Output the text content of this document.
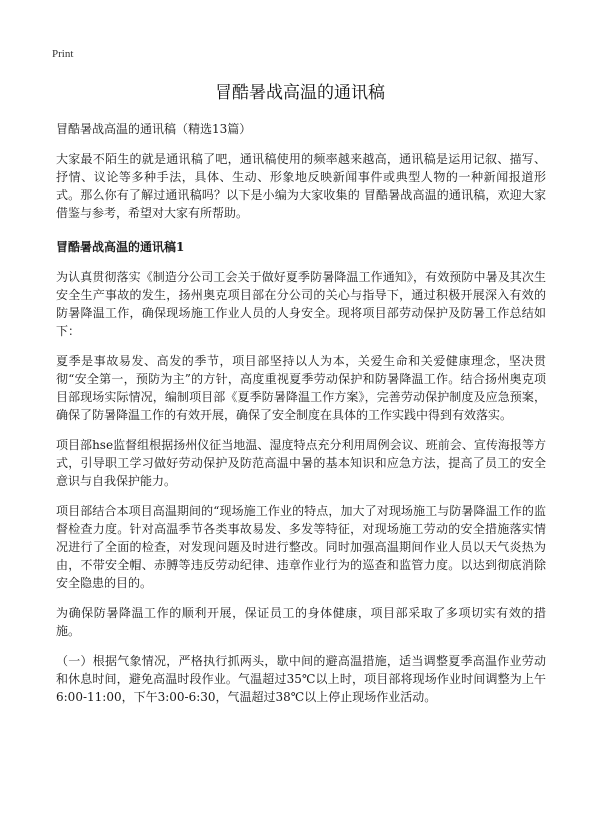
Print
冒酷暑战高温的通讯稿

冒酷暑战高温的通讯稿（精选13篇）

大家最不陌生的就是通讯稿了吧，通讯稿使用的频率越来越高，通讯稿是运用记叙、描写、抒情、议论等多种手法，具体、生动、形象地反映新闻事件或典型人物的一种新闻报道形式。那么你有了解过通讯稿吗？以下是小编为大家收集的 冒酷暑战高温的通讯稿，欢迎大家借鉴与参考，希望对大家有所帮助。

冒酷暑战高温的通讯稿1

为认真贯彻落实《制造分公司工会关于做好夏季防暑降温工作通知》，有效预防中暑及其次生安全生产事故的发生，扬州奥克项目部在分公司的关心与指导下，通过积极开展深入有效的防暑降温工作，确保现场施工作业人员的人身安全。现将项目部劳动保护及防暑工作总结如下：

夏季是事故易发、高发的季节，项目部坚持以人为本，关爱生命和关爱健康理念，坚决贯彻“安全第一，预防为主”的方针，高度重视夏季劳动保护和防暑降温工作。结合扬州奥克项目部现场实际情况，编制项目部《夏季防暑降温工作方案》，完善劳动保护制度及应急预案，确保了防暑降温工作的有效开展，确保了安全制度在具体的工作实践中得到有效落实。

项目部hse监督组根据扬州仪征当地温、湿度特点充分利用周例会议、班前会、宣传海报等方式，引导职工学习做好劳动保护及防范高温中暑的基本知识和应急方法，提高了员工的安全意识与自我保护能力。

项目部结合本项目高温期间的“现场施工作业的特点，加大了对现场施工与防暑降温工作的监督检查力度。针对高温季节各类事故易发、多发等特征，对现场施工劳动的安全措施落实情况进行了全面的检查，对发现问题及时进行整改。同时加强高温期间作业人员以天气炎热为由，不带安全帽、赤膊等违反劳动纪律、违章作业行为的巡查和监管力度。以达到彻底消除安全隐患的目的。

为确保防暑降温工作的顺利开展，保证员工的身体健康，项目部采取了多项切实有效的措施。

（一）根据气象情况，严格执行抓两头，歇中间的避高温措施，适当调整夏季高温作业劳动和休息时间，避免高温时段作业。气温超过35℃以上时，项目部将现场作业时间调整为上午6:00-11:00，下午3:00-6:30，气温超过38℃以上停止现场作业活动。
